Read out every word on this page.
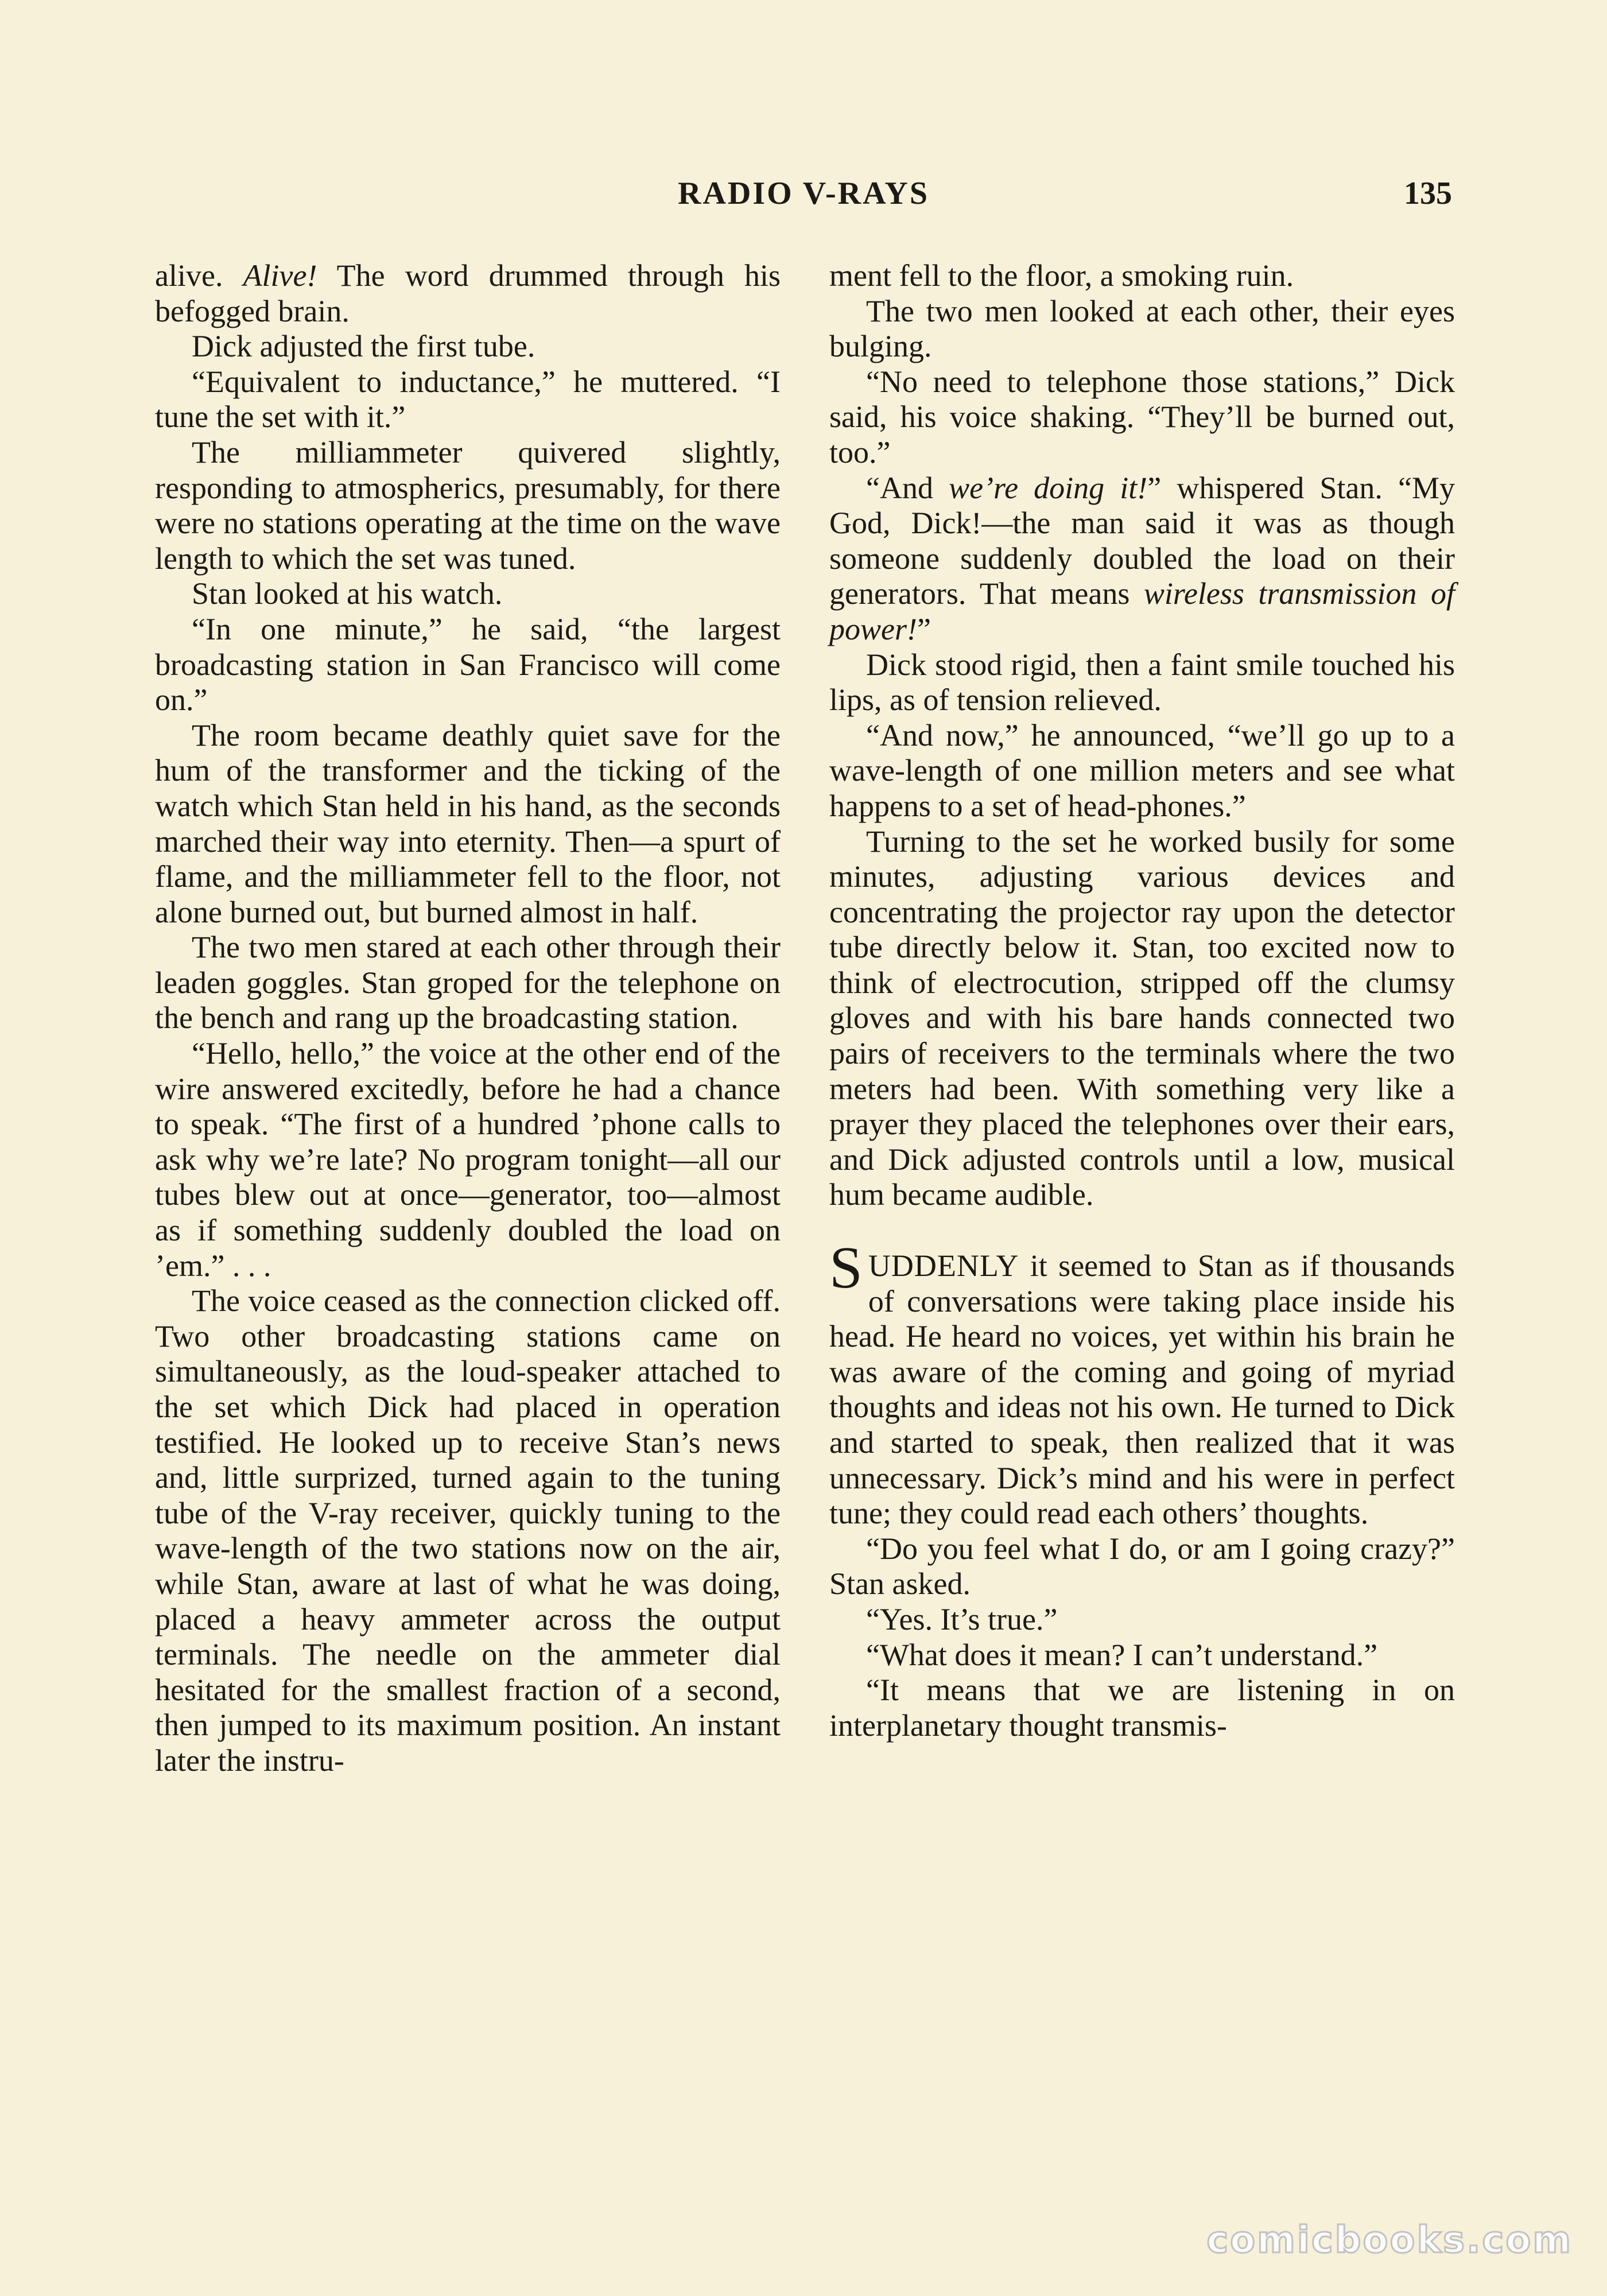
RADIO V-RAYS	135

alive. Alive! The word drummed through his befogged brain.

Dick adjusted the first tube.

“Equivalent to inductance,” he muttered. “I tune the set with it.”

The milliammeter quivered slightly, responding to atmospherics, presumably, for there were no stations operating at the time on the wave length to which the set was tuned.

Stan looked at his watch.

“In one minute,” he said, “the largest broadcasting station in San Francisco will come on.”

The room became deathly quiet save for the hum of the transformer and the ticking of the watch which Stan held in his hand, as the seconds marched their way into eternity. Then—a spurt of flame, and the milliammeter fell to the floor, not alone burned out, but burned almost in half.

The two men stared at each other through their leaden goggles. Stan groped for the telephone on the bench and rang up the broadcasting station.

“Hello, hello,” the voice at the other end of the wire answered excitedly, before he had a chance to speak. “The first of a hundred ’phone calls to ask why we’re late? No program tonight—all our tubes blew out at once—generator, too—almost as if something suddenly doubled the load on ’em.” . . .

The voice ceased as the connection clicked off. Two other broadcasting stations came on simultaneously, as the loud-speaker attached to the set which Dick had placed in operation testified. He looked up to receive Stan’s news and, little surprized, turned again to the tuning tube of the V-ray receiver, quickly tuning to the wave-length of the two stations now on the air, while Stan, aware at last of what he was doing, placed a heavy ammeter across the output terminals. The needle on the ammeter dial hesitated for the smallest fraction of a second, then jumped to its maximum position. An instant later the instru-

ment fell to the floor, a smoking ruin.

The two men looked at each other, their eyes bulging.

“No need to telephone those stations,” Dick said, his voice shaking. “They’ll be burned out, too.”

“And we’re doing it!” whispered Stan. “My God, Dick!—the man said it was as though someone suddenly doubled the load on their generators. That means wireless transmission of power!”

Dick stood rigid, then a faint smile touched his lips, as of tension relieved.

“And now,” he announced, “we’ll go up to a wave-length of one million meters and see what happens to a set of head-phones.”

Turning to the set he worked busily for some minutes, adjusting various devices and concentrating the projector ray upon the detector tube directly below it. Stan, too excited now to think of electrocution, stripped off the clumsy gloves and with his bare hands connected two pairs of receivers to the terminals where the two meters had been. With something very like a prayer they placed the telephones over their ears, and Dick adjusted controls until a low, musical hum became audible.

SUDDENLY it seemed to Stan as if thousands of conversations were taking place inside his head. He heard no voices, yet within his brain he was aware of the coming and going of myriad thoughts and ideas not his own. He turned to Dick and started to speak, then realized that it was unnecessary. Dick’s mind and his were in perfect tune; they could read each others’ thoughts.

“Do you feel what I do, or am I going crazy?” Stan asked.

“Yes. It’s true.”

“What does it mean? I can’t understand.”

“It means that we are listening in on interplanetary thought transmis-

comicbooks.com
